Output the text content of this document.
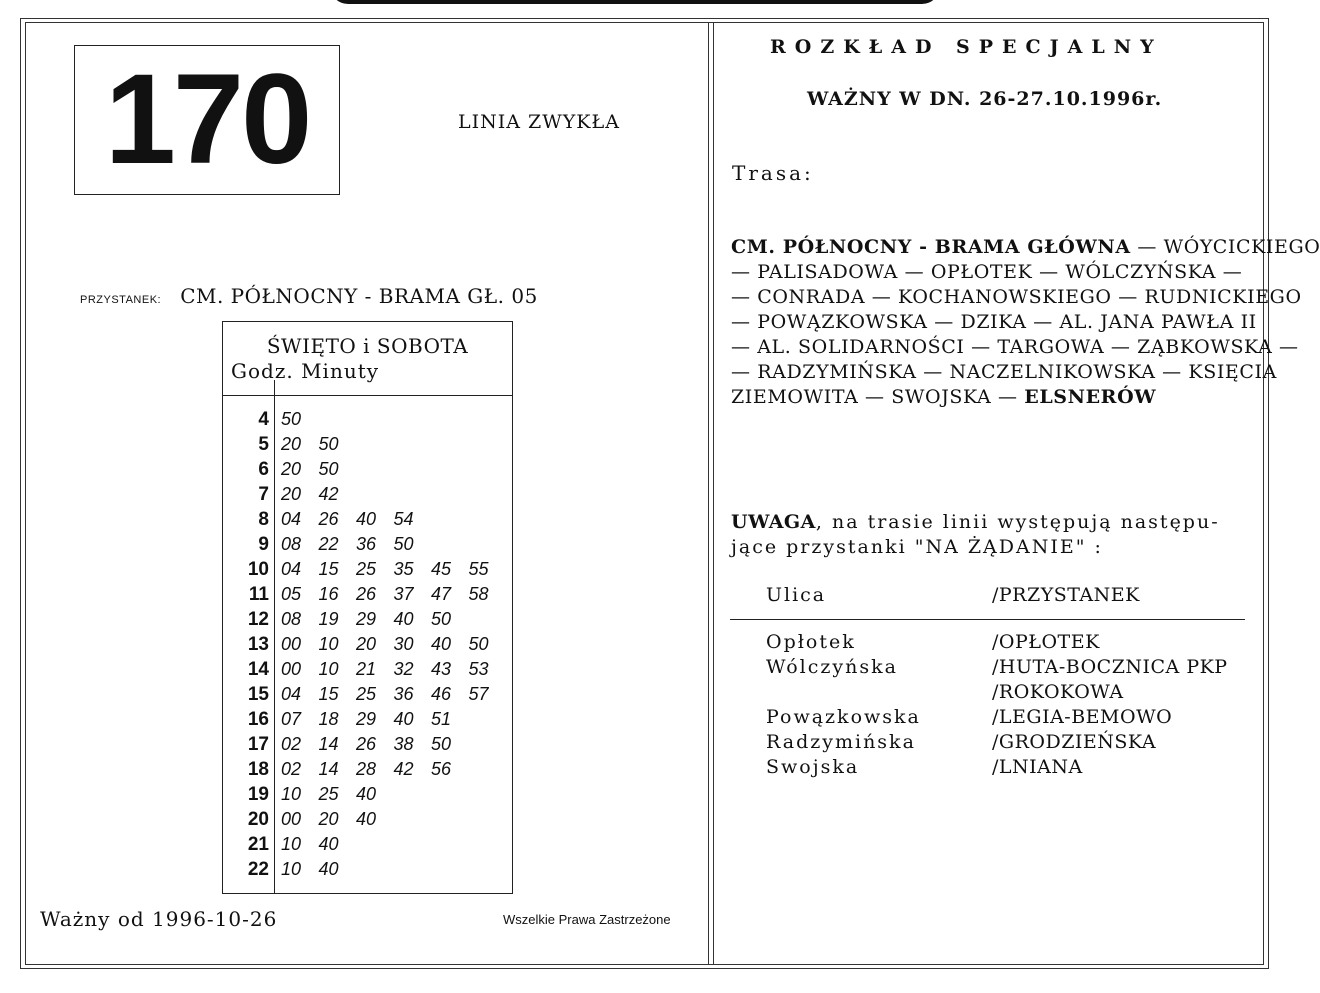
170	LINIA ZWYKŁA
PRZYSTANEK: CM. PÓŁNOCNY - BRAMA GŁ. 05
ŚWIĘTO i SOBOTA
Godz. Minuty
4 50
5 20 50
6 20 50
7 20 42
8 04 26 40 54
9 08 22 36 50
10 04 15 25 35 45 55
11 05 16 26 37 47 58
12 08 19 29 40 50
13 00 10 20 30 40 50
14 00 10 21 32 43 53
15 04 15 25 36 46 57
16 07 18 29 40 51
17 02 14 26 38 50
18 02 14 28 42 56
19 10 25 40
20 00 20 40
21 10 40
22 10 40
Ważny od 1996-10-26	Wszelkie Prawa Zastrzeżone
ROZKŁAD SPECJALNY
WAŻNY W DN. 26-27.10.1996r.
Trasa:
CM. PÓŁNOCNY - BRAMA GŁÓWNA — WÓYCICKIEGO
— PALISADOWA — OPŁOTEK — WÓLCZYŃSKA —
— CONRADA — KOCHANOWSKIEGO — RUDNICKIEGO
— POWĄZKOWSKA — DZIKA — AL. JANA PAWŁA II
— AL. SOLIDARNOŚCI — TARGOWA — ZĄBKOWSKA —
— RADZYMIŃSKA — NACZELNIKOWSKA — KSIĘCIA
ZIEMOWITA — SWOJSKA — ELSNERÓW
UWAGA, na trasie linii występują następu-
jące przystanki "NA ŻĄDANIE" :
Ulica	/PRZYSTANEK
Opłotek	/OPŁOTEK
Wólczyńska	/HUTA-BOCZNICA PKP
/ROKOKOWA
Powązkowska	/LEGIA-BEMOWO
Radzymińska	/GRODZIEŃSKA
Swojska	/LNIANA
